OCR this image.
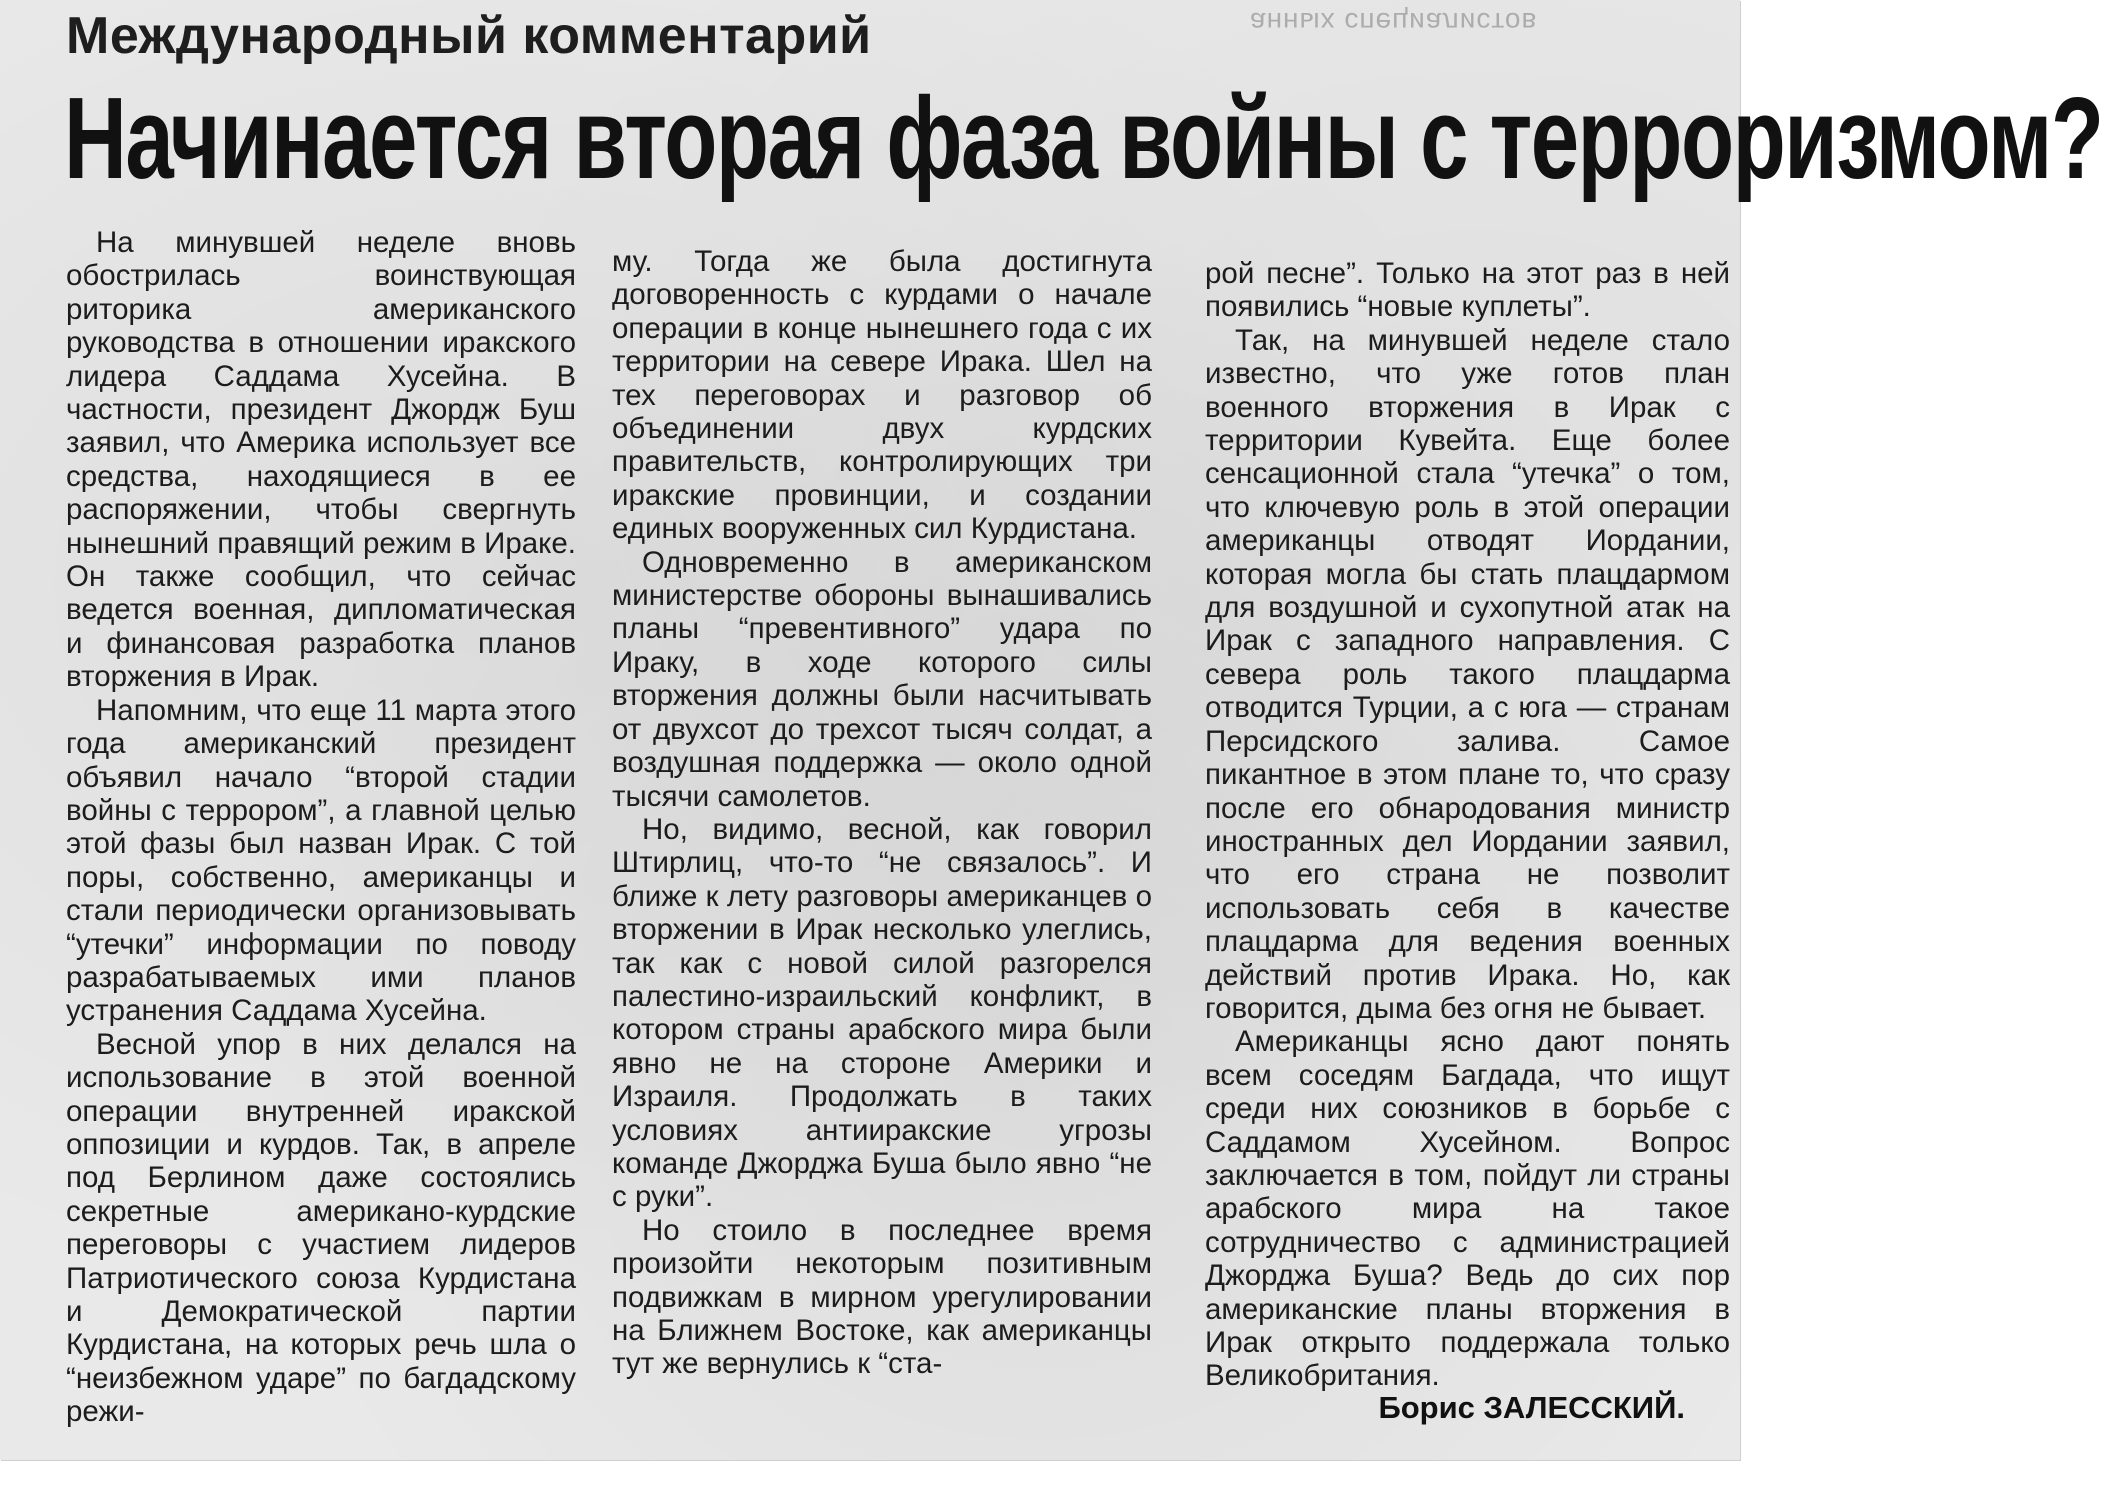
анных специалистов
Международный комментарий
Начинается вторая фаза войны с терроризмом?

На минувшей неделе вновь обострилась воинствующая риторика американского руководства в отношении иракского лидера Саддама Хусейна. В частности, президент Джордж Буш заявил, что Америка использует все средства, находящиеся в ее распоряжении, чтобы свергнуть нынешний правящий режим в Ираке. Он также сообщил, что сейчас ведется военная, дипломатическая и финансовая разработка планов вторжения в Ирак.

Напомним, что еще 11 марта этого года американский президент объявил начало “второй стадии войны с террором”, а главной целью этой фазы был назван Ирак. С той поры, собственно, американцы и стали периодически организовывать “утечки” информации по поводу разрабатываемых ими планов устранения Саддама Хусейна.

Весной упор в них делался на использование в этой военной операции внутренней иракской оппозиции и курдов. Так, в апреле под Берлином даже состоялись секретные американо-курдские переговоры с участием лидеров Патриотического союза Курдистана и Демократической партии Курдистана, на которых речь шла о “неизбежном ударе” по багдадскому режи-

му. Тогда же была достигнута договоренность с курдами о начале операции в конце нынешнего года с их территории на севере Ирака. Шел на тех переговорах и разговор об объединении двух курдских правительств, контролирующих три иракские провинции, и создании единых вооруженных сил Курдистана.

Одновременно в американском министерстве обороны вынашивались планы “превентивного” удара по Ираку, в ходе которого силы вторжения должны были насчитывать от двухсот до трехсот тысяч солдат, а воздушная поддержка — около одной тысячи самолетов.

Но, видимо, весной, как говорил Штирлиц, что-то “не связалось”. И ближе к лету разговоры американцев о вторжении в Ирак несколько улеглись, так как с новой силой разгорелся палестино-израильский конфликт, в котором страны арабского мира были явно не на стороне Америки и Израиля. Продолжать в таких условиях антииракские угрозы команде Джорджа Буша было явно “не с руки”.

Но стоило в последнее время произойти некоторым позитивным подвижкам в мирном урегулировании на Ближнем Востоке, как американцы тут же вернулись к “ста-

рой песне”. Только на этот раз в ней появились “новые куплеты”.

Так, на минувшей неделе стало известно, что уже готов план военного вторжения в Ирак с территории Кувейта. Еще более сенсационной стала “утечка” о том, что ключевую роль в этой операции американцы отводят Иордании, которая могла бы стать плацдармом для воздушной и сухопутной атак на Ирак с западного направления. С севера роль такого плацдарма отводится Турции, а с юга — странам Персидского залива. Самое пикантное в этом плане то, что сразу после его обнародования министр иностранных дел Иордании заявил, что его страна не позволит использовать себя в качестве плацдарма для ведения военных действий против Ирака. Но, как говорится, дыма без огня не бывает.

Американцы ясно дают понять всем соседям Багдада, что ищут среди них союзников в борьбе с Саддамом Хусейном. Вопрос заключается в том, пойдут ли страны арабского мира на такое сотрудничество с администрацией Джорджа Буша? Ведь до сих пор американские планы вторжения в Ирак открыто поддержала только Великобритания.

Борис ЗАЛЕССКИЙ.
